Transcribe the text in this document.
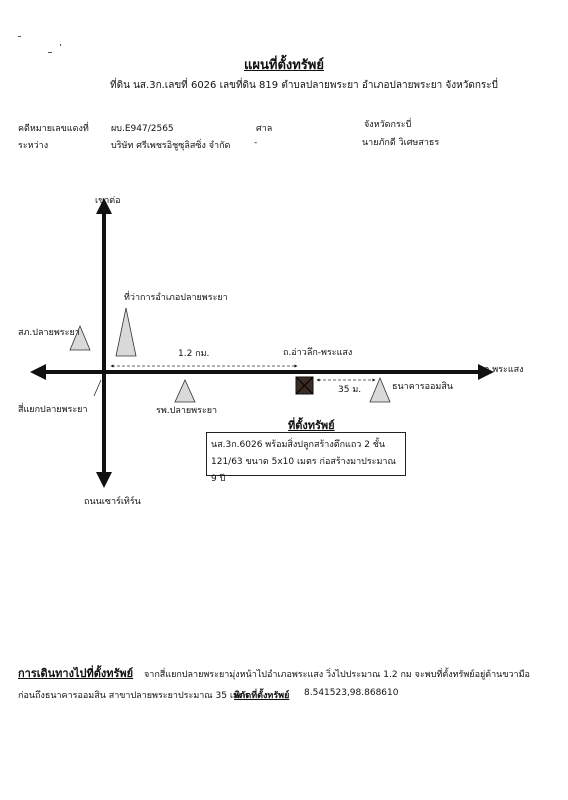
แผนที่ตั้งทรัพย์
ที่ดิน นส.3ก.เลขที่ 6026 เลขที่ดิน 819 ตำบลปลายพระยา อำเภอปลายพระยา จังหวัดกระบี่
คดีหมายเลขแดงที่ ผบ.E947/2565	ศาล	จังหวัดกระบี่
ระหว่าง	บริษัท ศรีเพชรอิชูซุลิสซิ่ง จำกัด	-	นายภักดี วิเศษสาธร
เขาต่อ
ถนนเซาร์เทิร์น
อ.พระแสง
สี่แยกปลายพระยา
ที่ว่าการอำเภอปลายพระยา
สภ.ปลายพระยา
รพ.ปลายพระยา
ธนาคารออมสิน
ถ.อ่าวลึก-พระแสง
1.2 กม.
35 ม.
ที่ตั้งทรัพย์
นส.3ก.6026 พร้อมสิ่งปลูกสร้างตึกแถว 2 ชั้น
121/63 ขนาด 5x10 เมตร ก่อสร้างมาประมาณ 9 ปี
การเดินทางไปที่ตั้งทรัพย์ จากสี่แยกปลายพระยามุ่งหน้าไปอำเภอพระแสง วิ่งไปประมาณ 1.2 กม จะพบที่ตั้งทรัพย์อยู่ด้านขวามือ
ก่อนถึงธนาคารออมสิน สาขาปลายพระยาประมาณ 35 เมตร
พิกัดที่ตั้งทรัพย์ 8.541523,98.868610
